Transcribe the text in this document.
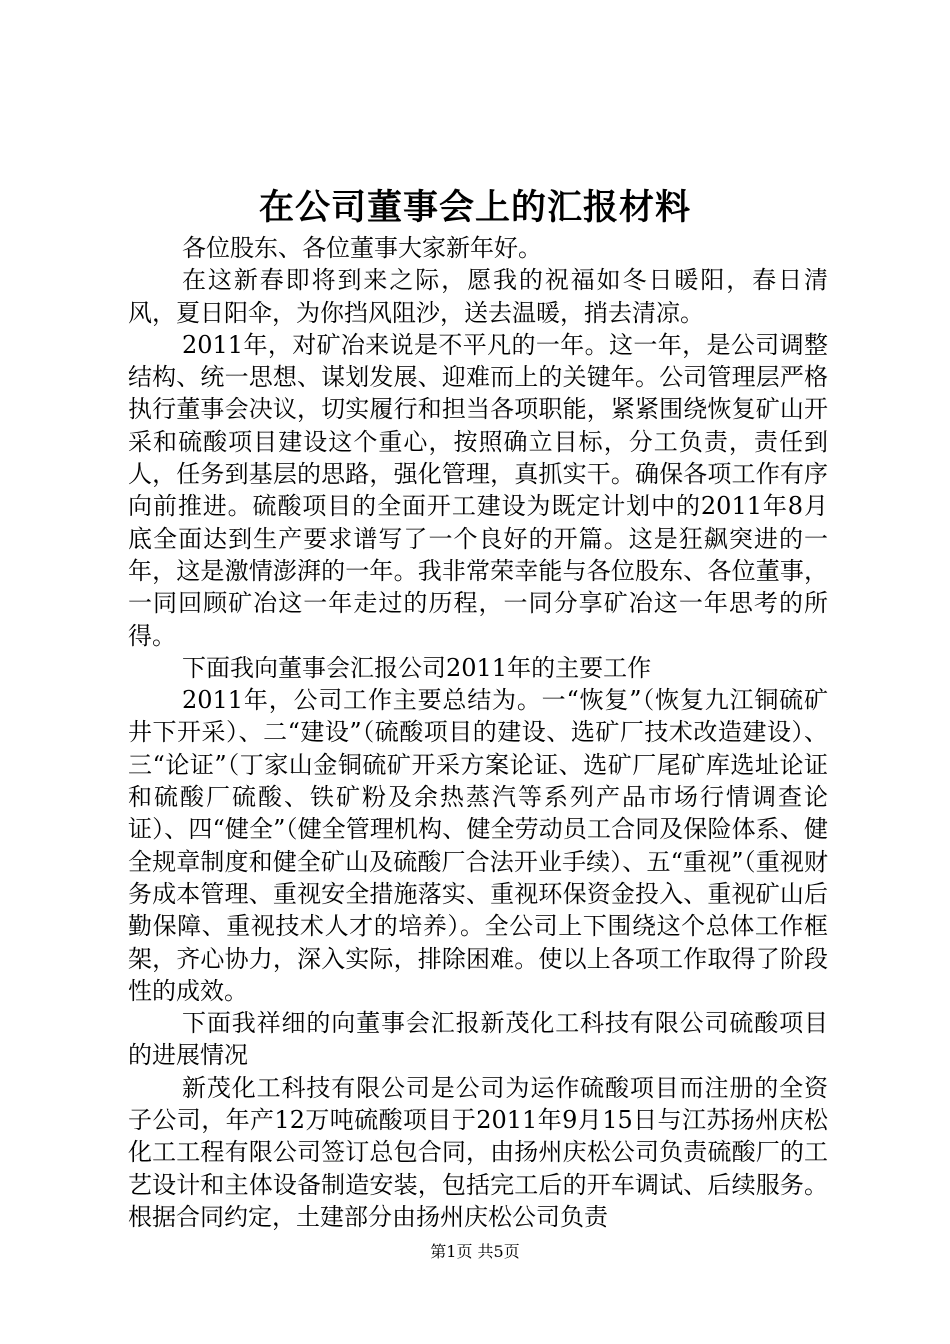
在公司董事会上的汇报材料

各位股东、各位董事大家新年好。

在这新春即将到来之际，愿我的祝福如冬日暖阳，春日清风，夏日阳伞，为你挡风阻沙，送去温暖，捎去清凉。

2011年，对矿冶来说是不平凡的一年。这一年，是公司调整结构、统一思想、谋划发展、迎难而上的关键年。公司管理层严格执行董事会决议，切实履行和担当各项职能，紧紧围绕恢复矿山开采和硫酸项目建设这个重心，按照确立目标，分工负责，责任到人，任务到基层的思路，强化管理，真抓实干。确保各项工作有序向前推进。硫酸项目的全面开工建设为既定计划中的2011年8月底全面达到生产要求谱写了一个良好的开篇。这是狂飙突进的一年，这是激情澎湃的一年。我非常荣幸能与各位股东、各位董事，一同回顾矿冶这一年走过的历程，一同分享矿冶这一年思考的所得。

下面我向董事会汇报公司2011年的主要工作

2011年，公司工作主要总结为。一“恢复”（恢复九江铜硫矿井下开采）、二“建设”（硫酸项目的建设、选矿厂技术改造建设）、三“论证”（丁家山金铜硫矿开采方案论证、选矿厂尾矿库选址论证和硫酸厂硫酸、铁矿粉及余热蒸汽等系列产品市场行情调查论证）、四“健全”（健全管理机构、健全劳动员工合同及保险体系、健全规章制度和健全矿山及硫酸厂合法开业手续）、五“重视”（重视财务成本管理、重视安全措施落实、重视环保资金投入、重视矿山后勤保障、重视技术人才的培养）。全公司上下围绕这个总体工作框架，齐心协力，深入实际，排除困难。使以上各项工作取得了阶段性的成效。

下面我祥细的向董事会汇报新茂化工科技有限公司硫酸项目的进展情况

新茂化工科技有限公司是公司为运作硫酸项目而注册的全资子公司，年产12万吨硫酸项目于2011年9月15日与江苏扬州庆松化工工程有限公司签订总包合同，由扬州庆松公司负责硫酸厂的工艺设计和主体设备制造安装，包括完工后的开车调试、后续服务。根据合同约定，土建部分由扬州庆松公司负责

第1页 共5页
